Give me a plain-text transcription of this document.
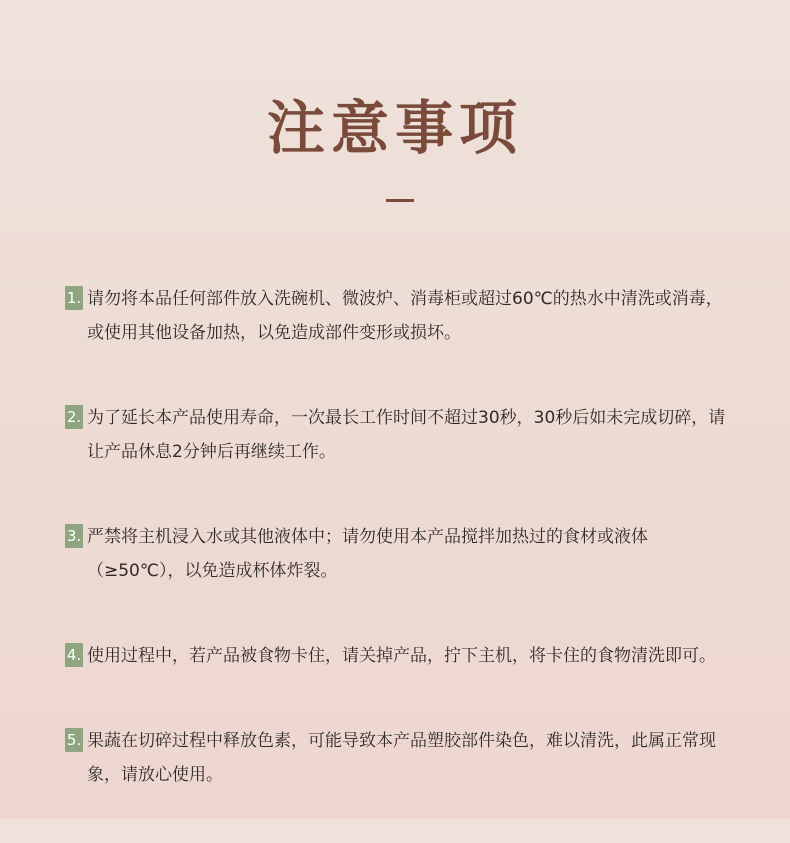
注意事项
1. 请勿将本品任何部件放入洗碗机、微波炉、消毒柜或超过60℃的热水中清洗或消毒，或使用其他设备加热，以免造成部件变形或损坏。
2. 为了延长本产品使用寿命，一次最长工作时间不超过30秒，30秒后如未完成切碎，请让产品休息2分钟后再继续工作。
3. 严禁将主机浸入水或其他液体中；请勿使用本产品搅拌加热过的食材或液体（≥50℃），以免造成杯体炸裂。
4. 使用过程中，若产品被食物卡住，请关掉产品，拧下主机，将卡住的食物清洗即可。
5. 果蔬在切碎过程中释放色素，可能导致本产品塑胶部件染色，难以清洗，此属正常现象，请放心使用。
